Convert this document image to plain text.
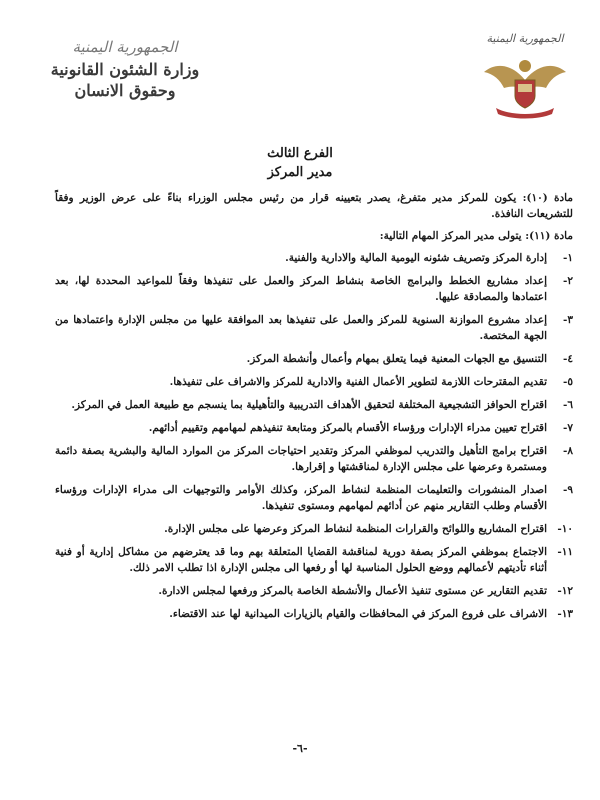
الجمهورية اليمنية
وزارة الشئون القانونية
وحقوق الانسان
الجمهورية اليمنية
الفرع الثالث
مدير المركز

مادة (١٠): يكون للمركز مدير متفرغ، يصدر بتعيينه قرار من رئيس مجلس الوزراء بناءً على عرض الوزير وفقاً للتشريعات النافذة.

مادة (١١): يتولى مدير المركز المهام التالية:

١-
إدارة المركز وتصريف شئونه اليومية المالية والادارية والفنية.
٢-
إعداد مشاريع الخطط والبرامج الخاصة بنشاط المركز والعمل على تنفيذها وفقاً للمواعيد المحددة لها، بعد اعتمادها والمصادقة عليها.
٣-
إعداد مشروع الموازنة السنوية للمركز والعمل على تنفيذها بعد الموافقة عليها من مجلس الإدارة واعتمادها من الجهة المختصة.
٤-
التنسيق مع الجهات المعنية فيما يتعلق بمهام وأعمال وأنشطة المركز.
٥-
تقديم المقترحات اللازمة لتطوير الأعمال الفنية والادارية للمركز والاشراف على تنفيذها.
٦-
اقتراح الحوافز التشجيعية المختلفة لتحقيق الأهداف التدريبية والتأهيلية بما ينسجم مع طبيعة العمل في المركز.
٧-
اقتراح تعيين مدراء الإدارات ورؤساء الأقسام بالمركز ومتابعة تنفيذهم لمهامهم وتقييم أدائهم.
٨-
اقتراح برامج التأهيل والتدريب لموظفي المركز وتقدير احتياجات المركز من الموارد المالية والبشرية بصفة دائمة ومستمرة وعرضها على مجلس الإدارة لمناقشتها و إقرارها.
٩-
اصدار المنشورات والتعليمات المنظمة لنشاط المركز، وكذلك الأوامر والتوجيهات الى مدراء الإدارات ورؤساء الأقسام وطلب التقارير منهم عن أدائهم لمهامهم ومستوى تنفيذها.
١٠-
اقتراح المشاريع واللوائح والقرارات المنظمة لنشاط المركز وعرضها على مجلس الإدارة.
١١-
الاجتماع بموظفي المركز بصفة دورية لمناقشة القضايا المتعلقة بهم وما قد يعترضهم من مشاكل إدارية أو فنية أثناء تأديتهم لأعمالهم ووضع الحلول المناسبة لها أو رفعها الى مجلس الإدارة اذا تطلب الامر ذلك.
١٢-
تقديم التقارير عن مستوى تنفيذ الأعمال والأنشطة الخاصة بالمركز ورفعها لمجلس الادارة.
١٣-
الاشراف على فروع المركز في المحافظات والقيام بالزيارات الميدانية لها عند الاقتضاء.
-٦-
